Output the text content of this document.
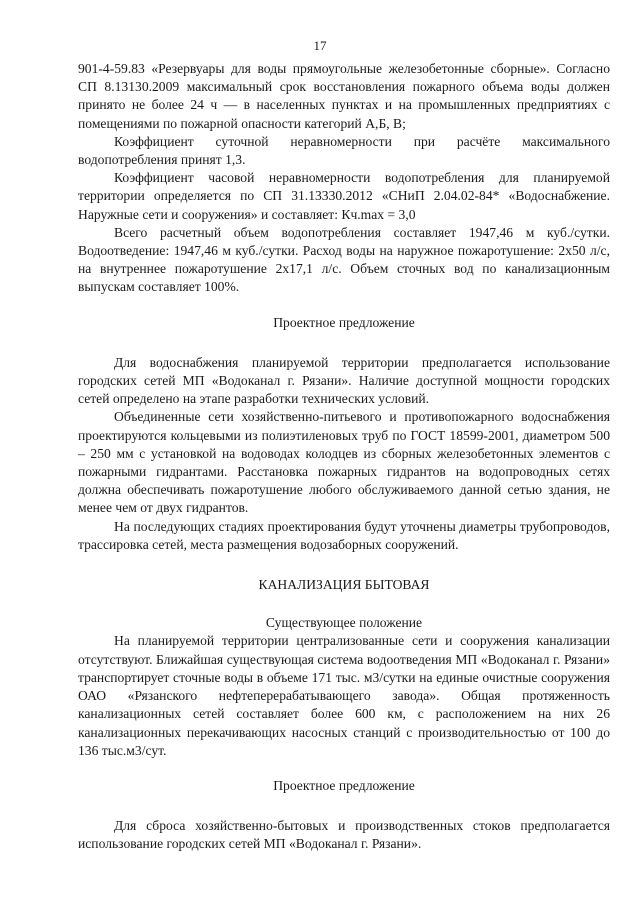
17

901-4-59.83 «Резервуары для воды прямоугольные железобетонные сборные». Согласно СП 8.13130.2009 максимальный срок восстановления пожарного объема воды должен принято не более 24 ч — в населенных пунктах и на промышленных предприятиях с помещениями по пожарной опасности категорий А,Б, В;

Коэффициент суточной неравномерности при расчёте максимального водопотребления принят 1,3.

Коэффициент часовой неравномерности водопотребления для планируемой территории определяется по СП 31.13330.2012 «СНиП 2.04.02-84* «Водоснабжение. Наружные сети и сооружения» и составляет: Кч.max = 3,0

Всего расчетный объем водопотребления составляет 1947,46 м куб./сутки. Водоотведение: 1947,46 м куб./сутки. Расход воды на наружное пожаротушение: 2х50 л/с, на внутреннее пожаротушение 2х17,1 л/с. Объем сточных вод по канализационным выпускам составляет 100%.

Проектное предложение

Для водоснабжения планируемой территории предполагается использование городских сетей МП «Водоканал г. Рязани». Наличие доступной мощности городских сетей определено на этапе разработки технических условий.

Объединенные сети хозяйственно-питьевого и противопожарного водоснабжения проектируются кольцевыми из полиэтиленовых труб по ГОСТ 18599-2001, диаметром 500 – 250 мм с установкой на водоводах колодцев из сборных железобетонных элементов с пожарными гидрантами. Расстановка пожарных гидрантов на водопроводных сетях должна обеспечивать пожаротушение любого обслуживаемого данной сетью здания, не менее чем от двух гидрантов.

На последующих стадиях проектирования будут уточнены диаметры трубопроводов, трассировка сетей, места размещения водозаборных сооружений.

КАНАЛИЗАЦИЯ БЫТОВАЯ
Существующее положение

На планируемой территории централизованные сети и сооружения канализации отсутствуют. Ближайшая существующая система водоотведения МП «Водоканал г. Рязани» транспортирует сточные воды в объеме 171 тыс. м3/сутки на единые очистные сооружения ОАО «Рязанского нефтеперерабатывающего завода». Общая протяженность канализационных сетей составляет более 600 км, с расположением на них 26 канализационных перекачивающих насосных станций с производительностью от 100 до 136 тыс.м3/сут.

Проектное предложение

Для сброса хозяйственно-бытовых и производственных стоков предполагается использование городских сетей МП «Водоканал г. Рязани».
